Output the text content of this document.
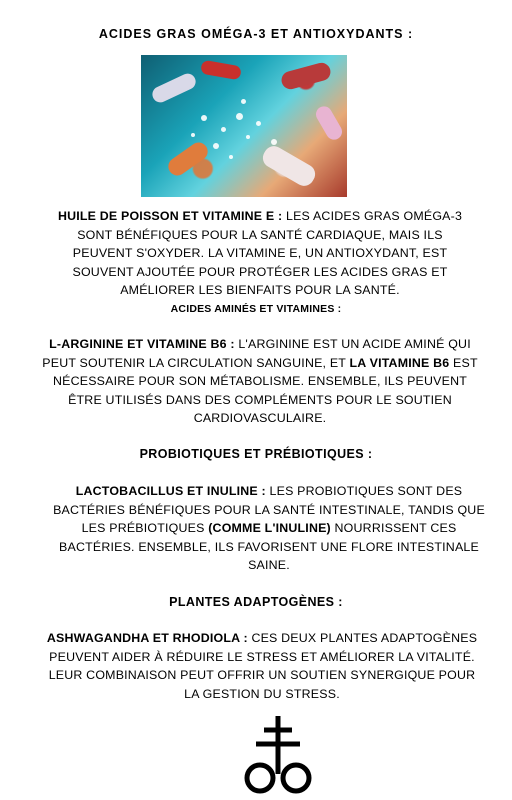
ACIDES GRAS OMÉGA-3 ET ANTIOXYDANTS :
HUILE DE POISSON ET VITAMINE E : LES ACIDES GRAS OMÉGA-3 SONT BÉNÉFIQUES POUR LA SANTÉ CARDIAQUE, MAIS ILS PEUVENT S'OXYDER. LA VITAMINE E, UN ANTIOXYDANT, EST SOUVENT AJOUTÉE POUR PROTÉGER LES ACIDES GRAS ET AMÉLIORER LES BIENFAITS POUR LA SANTÉ.
ACIDES AMINÉS ET VITAMINES :
L-ARGININE ET VITAMINE B6 : L'ARGININE EST UN ACIDE AMINÉ QUI PEUT SOUTENIR LA CIRCULATION SANGUINE, ET LA VITAMINE B6 EST NÉCESSAIRE POUR SON MÉTABOLISME. ENSEMBLE, ILS PEUVENT ÊTRE UTILISÉS DANS DES COMPLÉMENTS POUR LE SOUTIEN CARDIOVASCULAIRE.
PROBIOTIQUES ET PRÉBIOTIQUES :
LACTOBACILLUS ET INULINE : LES PROBIOTIQUES SONT DES BACTÉRIES BÉNÉFIQUES POUR LA SANTÉ INTESTINALE, TANDIS QUE LES PRÉBIOTIQUES (COMME L'INULINE) NOURRISSENT CES BACTÉRIES. ENSEMBLE, ILS FAVORISENT UNE FLORE INTESTINALE SAINE.
PLANTES ADAPTOGÈNES :
ASHWAGANDHA ET RHODIOLA : CES DEUX PLANTES ADAPTOGÈNES PEUVENT AIDER À RÉDUIRE LE STRESS ET AMÉLIORER LA VITALITÉ. LEUR COMBINAISON PEUT OFFRIR UN SOUTIEN SYNERGIQUE POUR LA GESTION DU STRESS.
